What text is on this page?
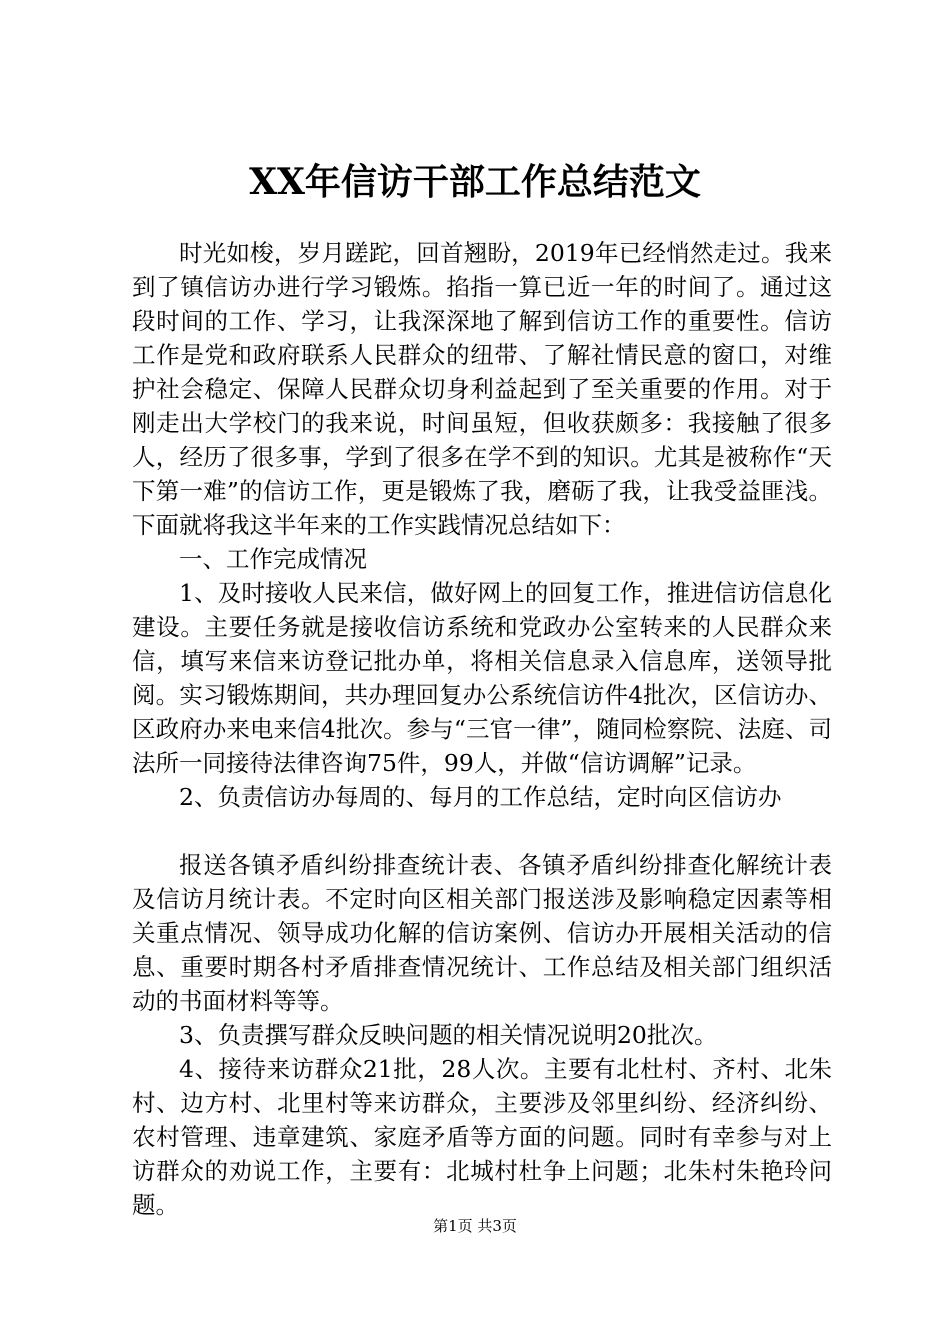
XX年信访干部工作总结范文

时光如梭，岁月蹉跎，回首翘盼，2019年已经悄然走过。我来到了镇信访办进行学习锻炼。掐指一算已近一年的时间了。通过这段时间的工作、学习，让我深深地了解到信访工作的重要性。信访工作是党和政府联系人民群众的纽带、了解社情民意的窗口，对维护社会稳定、保障人民群众切身利益起到了至关重要的作用。对于刚走出大学校门的我来说，时间虽短，但收获颇多：我接触了很多人，经历了很多事，学到了很多在学不到的知识。尤其是被称作“天下第一难”的信访工作，更是锻炼了我，磨砺了我，让我受益匪浅。下面就将我这半年来的工作实践情况总结如下：

一、工作完成情况

1、及时接收人民来信，做好网上的回复工作，推进信访信息化建设。主要任务就是接收信访系统和党政办公室转来的人民群众来信，填写来信来访登记批办单，将相关信息录入信息库，送领导批阅。实习锻炼期间，共办理回复办公系统信访件4批次，区信访办、区政府办来电来信4批次。参与“三官一律”，随同检察院、法庭、司法所一同接待法律咨询75件，99人，并做“信访调解”记录。

2、负责信访办每周的、每月的工作总结，定时向区信访办

报送各镇矛盾纠纷排查统计表、各镇矛盾纠纷排查化解统计表及信访月统计表。不定时向区相关部门报送涉及影响稳定因素等相关重点情况、领导成功化解的信访案例、信访办开展相关活动的信息、重要时期各村矛盾排查情况统计、工作总结及相关部门组织活动的书面材料等等。

3、负责撰写群众反映问题的相关情况说明20批次。

4、接待来访群众21批，28人次。主要有北杜村、齐村、北朱村、边方村、北里村等来访群众，主要涉及邻里纠纷、经济纠纷、农村管理、违章建筑、家庭矛盾等方面的问题。同时有幸参与对上访群众的劝说工作，主要有：北城村杜争上问题；北朱村朱艳玲问题。

第1页 共3页
